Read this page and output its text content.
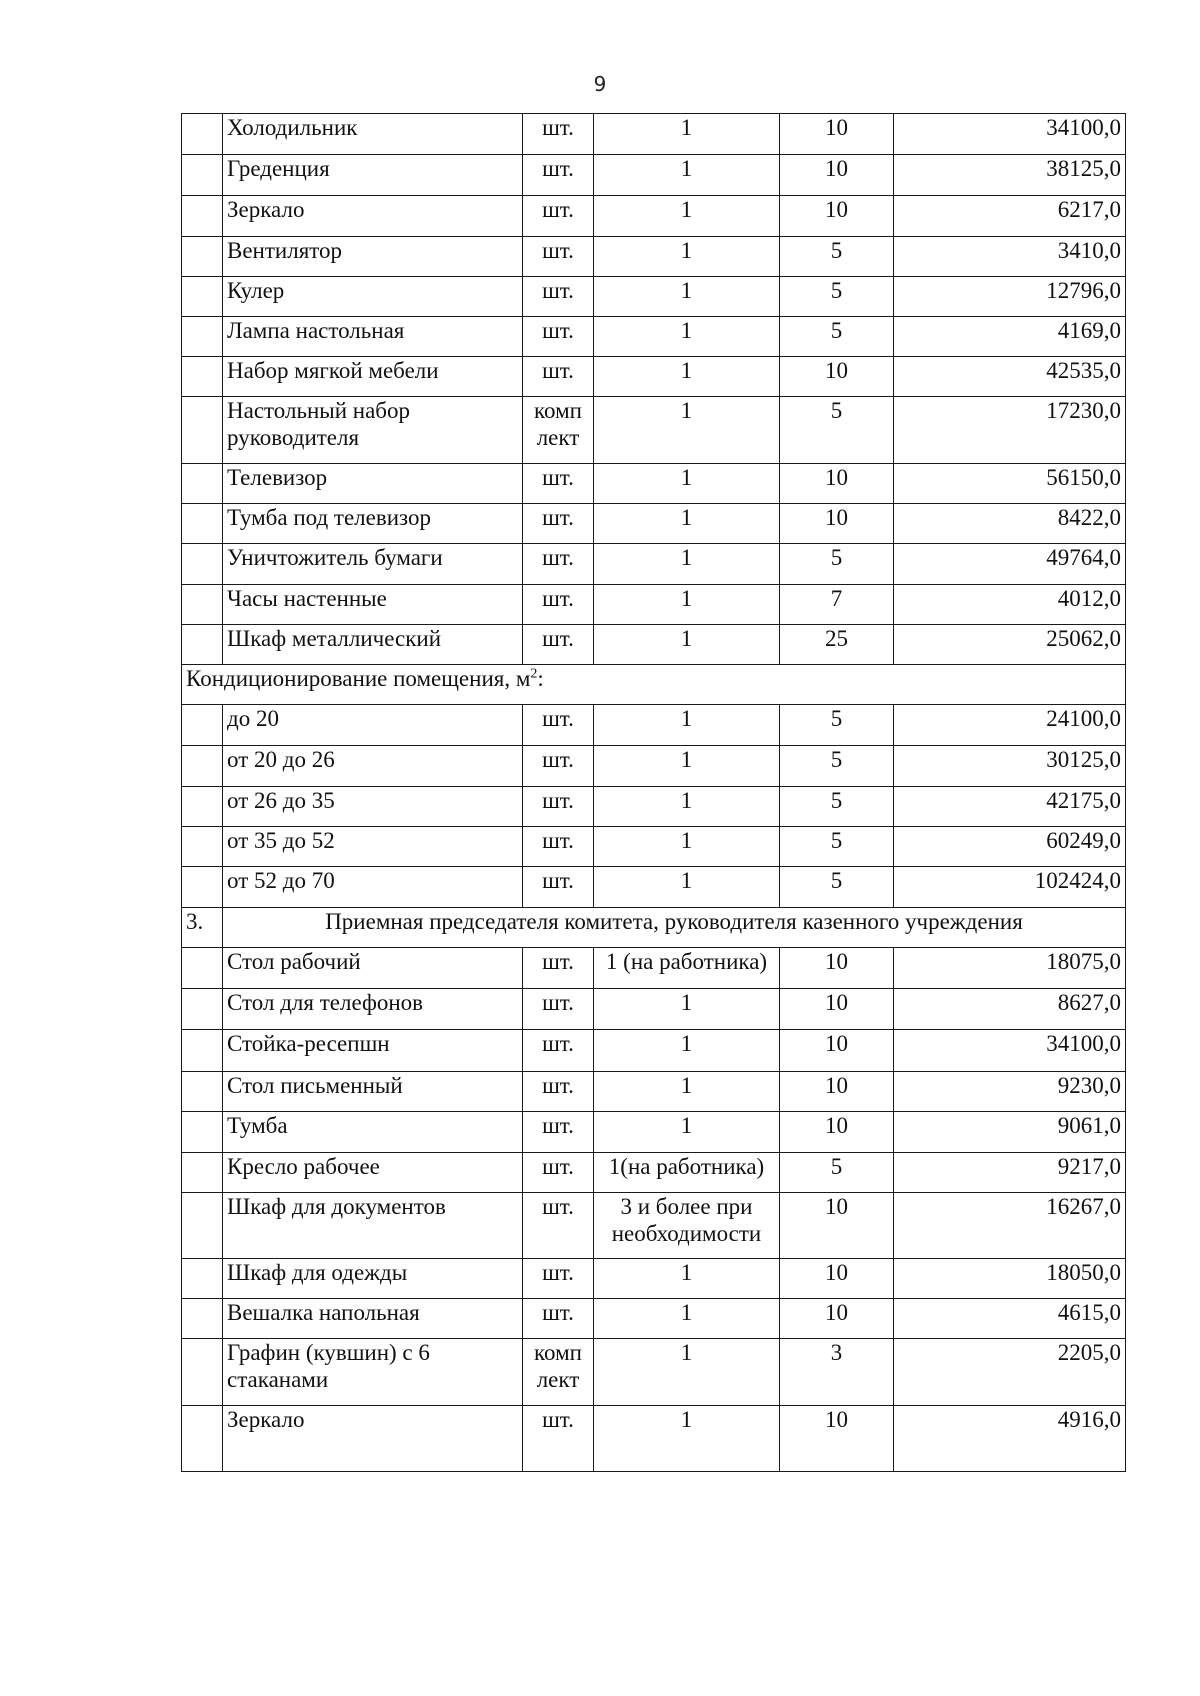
9
	Холодильник	шт.	1	10	34100,0
	Греденция	шт.	1	10	38125,0
	Зеркало	шт.	1	10	6217,0
	Вентилятор	шт.	1	5	3410,0
	Кулер	шт.	1	5	12796,0
	Лампа настольная	шт.	1	5	4169,0
	Набор мягкой мебели	шт.	1	10	42535,0
	Настольный набор руководителя	комп лект	1	5	17230,0
	Телевизор	шт.	1	10	56150,0
	Тумба под телевизор	шт.	1	10	8422,0
	Уничтожитель бумаги	шт.	1	5	49764,0
	Часы настенные	шт.	1	7	4012,0
	Шкаф металлический	шт.	1	25	25062,0
Кондиционирование помещения, $м^2$:					
	до 20	шт.	1	5	24100,0
	от 20 до 26	шт.	1	5	30125,0
	от 26 до 35	шт.	1	5	42175,0
	от 35 до 52	шт.	1	5	60249,0
	от 52 до 70	шт.	1	5	102424,0
3.	Приемная председателя комитета, руководителя казенного учреждения				
	Стол рабочий	шт.	1 (на работника)	10	18075,0
	Стол для телефонов	шт.	1	10	8627,0
	Стойка-ресепшн	шт.	1	10	34100,0
	Стол письменный	шт.	1	10	9230,0
	Тумба	шт.	1	10	9061,0
	Кресло рабочее	шт.	1(на работника)	5	9217,0
	Шкаф для документов	шт.	3 и более при необходимости	10	16267,0
	Шкаф для одежды	шт.	1	10	18050,0
	Вешалка напольная	шт.	1	10	4615,0
	Графин (кувшин) с 6 стаканами	комп лект	1	3	2205,0
	Зеркало	шт.	1	10	4916,0
